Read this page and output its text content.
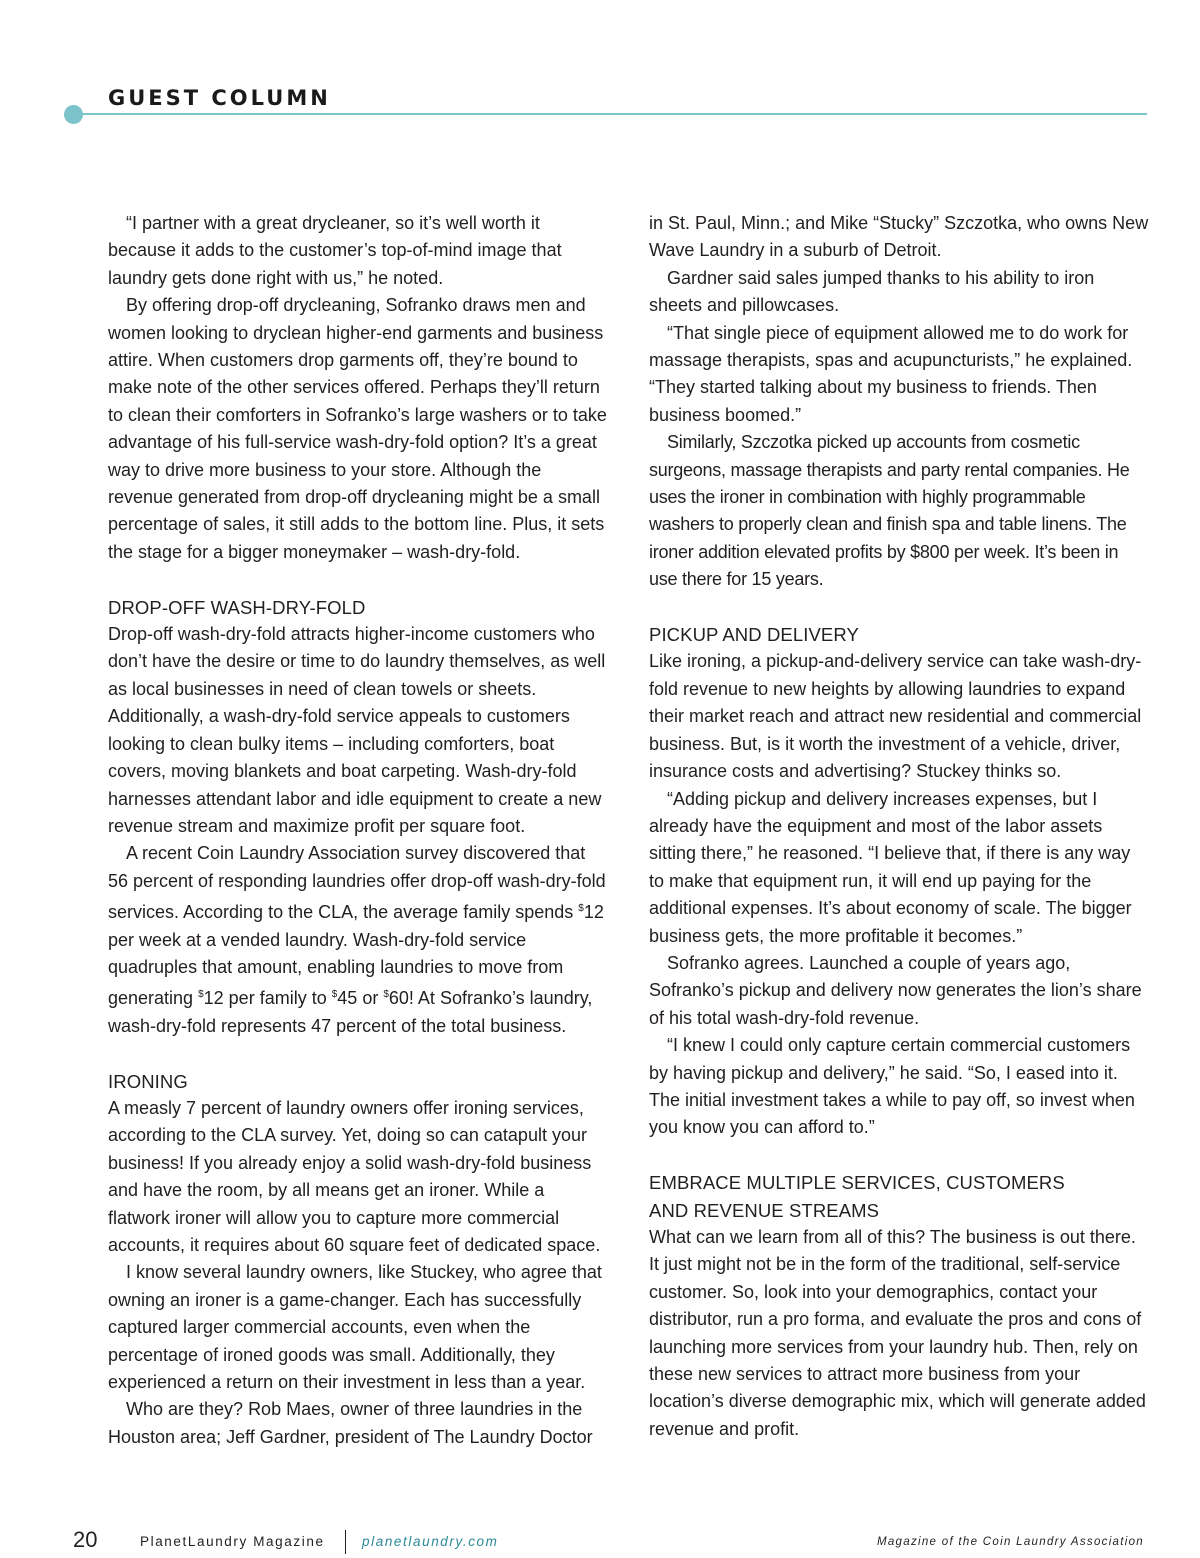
GUEST COLUMN

“I partner with a great drycleaner, so it’s well worth it because it adds to the customer’s top-of-mind image that laundry gets done right with us,” he noted.

By offering drop-off drycleaning, Sofranko draws men and women looking to dryclean higher-end garments and business attire. When customers drop garments off, they’re bound to make note of the other services offered. Perhaps they’ll return to clean their comforters in Sofranko’s large washers or to take advantage of his full-service wash-dry-fold option? It’s a great way to drive more business to your store. Although the revenue generated from drop-off drycleaning might be a small percentage of sales, it still adds to the bottom line. Plus, it sets the stage for a bigger moneymaker – wash-dry-fold.

DROP-OFF WASH-DRY-FOLD

Drop-off wash-dry-fold attracts higher-income customers who don’t have the desire or time to do laundry themselves, as well as local businesses in need of clean towels or sheets. Additionally, a wash-dry-fold service appeals to customers looking to clean bulky items – including comforters, boat covers, moving blankets and boat carpeting. Wash-dry-fold harnesses attendant labor and idle equipment to create a new revenue stream and maximize profit per square foot.

A recent Coin Laundry Association survey discovered that 56 percent of responding laundries offer drop-off wash-dry-fold services. According to the CLA, the average family spends $12 per week at a vended laundry. Wash-dry-fold service quadruples that amount, enabling laundries to move from generating $12 per family to $45 or $60! At Sofranko’s laundry, wash-dry-fold represents 47 percent of the total business.

IRONING

A measly 7 percent of laundry owners offer ironing services, according to the CLA survey. Yet, doing so can catapult your business! If you already enjoy a solid wash-dry-fold business and have the room, by all means get an ironer. While a flatwork ironer will allow you to capture more commercial accounts, it requires about 60 square feet of dedicated space.

I know several laundry owners, like Stuckey, who agree that owning an ironer is a game-changer. Each has successfully captured larger commercial accounts, even when the percentage of ironed goods was small. Additionally, they experienced a return on their investment in less than a year.

Who are they? Rob Maes, owner of three laundries in the Houston area; Jeff Gardner, president of The Laundry Doctor

in St. Paul, Minn.; and Mike “Stucky” Szczotka, who owns New Wave Laundry in a suburb of Detroit.

Gardner said sales jumped thanks to his ability to iron sheets and pillowcases.

“That single piece of equipment allowed me to do work for massage therapists, spas and acupuncturists,” he explained. “They started talking about my business to friends. Then business boomed.”

Similarly, Szczotka picked up accounts from cosmetic surgeons, massage therapists and party rental companies. He uses the ironer in combination with highly programmable washers to properly clean and finish spa and table linens. The ironer addition elevated profits by $800 per week. It’s been in use there for 15 years.

PICKUP AND DELIVERY

Like ironing, a pickup-and-delivery service can take wash-dry-fold revenue to new heights by allowing laundries to expand their market reach and attract new residential and commercial business. But, is it worth the investment of a vehicle, driver, insurance costs and advertising? Stuckey thinks so.

“Adding pickup and delivery increases expenses, but I already have the equipment and most of the labor assets sitting there,” he reasoned. “I believe that, if there is any way to make that equipment run, it will end up paying for the additional expenses. It’s about economy of scale. The bigger business gets, the more profitable it becomes.”

Sofranko agrees. Launched a couple of years ago, Sofranko’s pickup and delivery now generates the lion’s share of his total wash-dry-fold revenue.

“I knew I could only capture certain commercial customers by having pickup and delivery,” he said. “So, I eased into it. The initial investment takes a while to pay off, so invest when you know you can afford to.”

EMBRACE MULTIPLE SERVICES, CUSTOMERS AND REVENUE STREAMS

What can we learn from all of this? The business is out there. It just might not be in the form of the traditional, self-service customer. So, look into your demographics, contact your distributor, run a pro forma, and evaluate the pros and cons of launching more services from your laundry hub. Then, rely on these new services to attract more business from your location’s diverse demographic mix, which will generate added revenue and profit.

20	PlanetLaundry Magazine	planetlaundry.com	Magazine of the Coin Laundry Association
